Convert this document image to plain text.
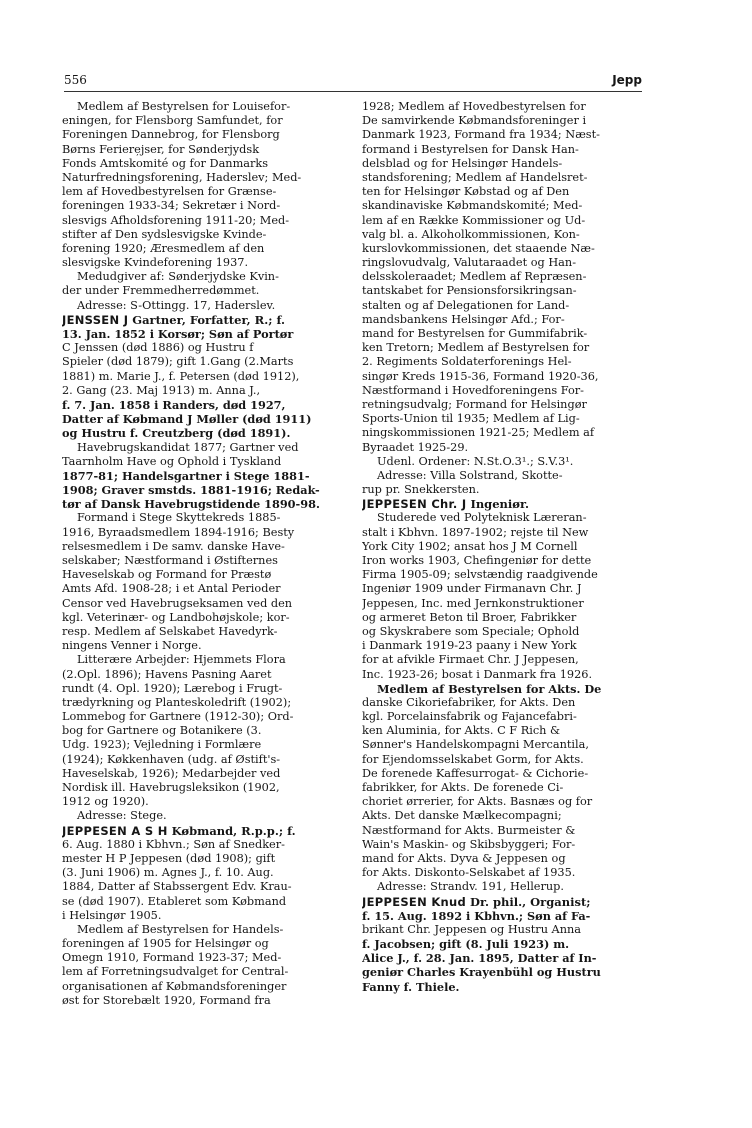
556	Jepp
Medlem af Bestyrelsen for Louisefor-
eningen, for Flensborg Samfundet, for
Foreningen Dannebrog, for Flensborg
Børns Feriere̦jser, for Sønderjydsk
Fonds Amtskomité og for Danmarks
Naturfredningsforening, Haderslev; Med-
lem af Hovedbestyrelsen for Grænse-
foreningen 1933-34; Sekretær i Nord-
slesvigs Afholdsforening 1911-20; Med-
stifter af Den sydslesvigske Kvinde-
forening 1920; Æresmedlem af den
slesvigske Kvindeforening 1937.
Medudgiver af: Sønderjydske Kvin-
der under Fremmedherredømmet.
Adresse: S-Ottingg. 17, Haderslev.
JENSSEN J Gartner, Forfatter, R.; f.
13. Jan. 1852 i Korsør; Søn af Portør
C Jenssen (død 1886) og Hustru f
Spieler (død 1879); gift 1.Gang (2.Marts
1881) m. Marie J., f. Petersen (død 1912),
2. Gang (23. Maj 1913) m. Anna J.,
f. 7. Jan. 1858 i Randers, død 1927,
Datter af Købmand J Møller (død 1911)
og Hustru f. Creutzberg (død 1891).
Havebrugskandidat 1877; Gartner ved
Taarnholm Have og Ophold i Tyskland
1877-81; Handelsgartner i Stege 1881-
1908; Graver smstds. 1881-1916; Redak-
tør af Dansk Havebrugstidende 1890-98.
Formand i Stege Skyttekreds 1885-
1916, Byraadsmedlem 1894-1916; Besty
relsesmedlem i De samv. danske Have-
selskaber; Næstformand i Østifternes
Haveselskab og Formand for Præstø
Amts Afd. 1908-28; i et Antal Perioder
Censor ved Havebrugseksamen ved den
kgl. Veterinær- og Landbohøjskole; kor-
resp. Medlem af Selskabet Havedyrk-
ningens Venner i Norge.
Litterære Arbejder: Hjemmets Flora
(2.Opl. 1896); Havens Pasning Aaret
rundt (4. Opl. 1920); Lærebog i Frugt-
trædyrkning og Planteskoledrift (1902);
Lommebog for Gartnere (1912-30); Ord-
bog for Gartnere og Botanikere (3.
Udg. 1923); Vejledning i Formlære
(1924); Køkkenhaven (udg. af Østift's-
Haveselskab, 1926); Medarbejder ved
Nordisk ill. Havebrugsleksikon (1902,
1912 og 1920).
Adresse: Stege.
JEPPESEN A S H Købmand, R.p.p.; f.
6. Aug. 1880 i Kbhvn.; Søn af Snedker-
mester H P Jeppesen (død 1908); gift
(3. Juni 1906) m. Agnes J., f. 10. Aug.
1884, Datter af Stabssergent Edv. Krau-
se (død 1907). Etableret som Købmand
i Helsingør 1905.
Medlem af Bestyrelsen for Handels-
foreningen af 1905 for Helsingør og
Omegn 1910, Formand 1923-37; Med-
lem af Forretningsudvalget for Central-
organisationen af Købmandsforeninger
øst for Storebælt 1920, Formand fra
1928; Medlem af Hovedbestyrelsen for
De samvirkende Købmandsforeninger i
Danmark 1923, Formand fra 1934; Næst-
formand i Bestyrelsen for Dansk Han-
delsblad og for Helsingør Handels-
standsforening; Medlem af Handelsret-
ten for Helsingør Købstad og af Den
skandinaviske Købmandskomité; Med-
lem af en Række Kommissioner og Ud-
valg bl. a. Alkoholkommissionen, Kon-
kurslovkommissionen, det staaende Næ-
ringslovudvalg, Valutaraadet og Han-
delsskoleraadet; Medlem af Repræsen-
tantskabet for Pensionsforsikringsan-
stalten og af Delegationen for Land-
mandsbankens Helsingør Afd.; For-
mand for Bestyrelsen for Gummifabrik-
ken Tretorn; Medlem af Bestyrelsen for
2. Regiments Soldaterforenings Hel-
singør Kreds 1915-36, Formand 1920-36,
Næstformand i Hovedforeningens For-
retningsudvalg; Formand for Helsingør
Sports-Union til 1935; Medlem af Lig-
ningskommissionen 1921-25; Medlem af
Byraadet 1925-29.
Udenl. Ordener: N.St.O.3¹.; S.V.3¹.
Adresse: Villa Solstrand, Skotte-
rup pr. Snekkersten.
JEPPESEN Chr. J Ingeniør.
Studerede ved Polyteknisk Læreran-
stalt i Kbhvn. 1897-1902; rejste til New
York City 1902; ansat hos J M Cornell
Iron works 1903, Chefingeniør for dette
Firma 1905-09; selvstændig raadgivende
Ingeniør 1909 under Firmanavn Chr. J
Jeppesen, Inc. med Jernkonstruktioner
og armeret Beton til Broer, Fabrikker
og Skyskrabere som Speciale; Ophold
i Danmark 1919-23 paany i New York
for at afvikle Firmaet Chr. J Jeppesen,
Inc. 1923-26; bosat i Danmark fra 1926.
Medlem af Bestyrelsen for Akts. De
danske Cikoriefabriker, for Akts. Den
kgl. Porcelainsfabrik og Fajancefabri-
ken Aluminia, for Akts. C F Rich &
Sønner's Handelskompagni Mercantila,
for Ejendomsselskabet Gorm, for Akts.
De forenede Kaffesurrogat- & Cichorie-
fabrikker, for Akts. De forenede Ci-
choriet ørrerier, for Akts. Basnæs og for
Akts. Det danske Mælkecompagni;
Næstformand for Akts. Burmeister &
Wain's Maskin- og Skibsbyggeri; For-
mand for Akts. Dyva & Jeppesen og
for Akts. Diskonto-Selskabet af 1935.
Adresse: Strandv. 191, Hellerup.
JEPPESEN Knud Dr. phil., Organist;
f. 15. Aug. 1892 i Kbhvn.; Søn af Fa-
brikant Chr. Jeppesen og Hustru Anna
f. Jacobsen; gift (8. Juli 1923) m.
Alice J., f. 28. Jan. 1895, Datter af In-
geniør Charles Krayenbühl og Hustru
Fanny f. Thiele.
